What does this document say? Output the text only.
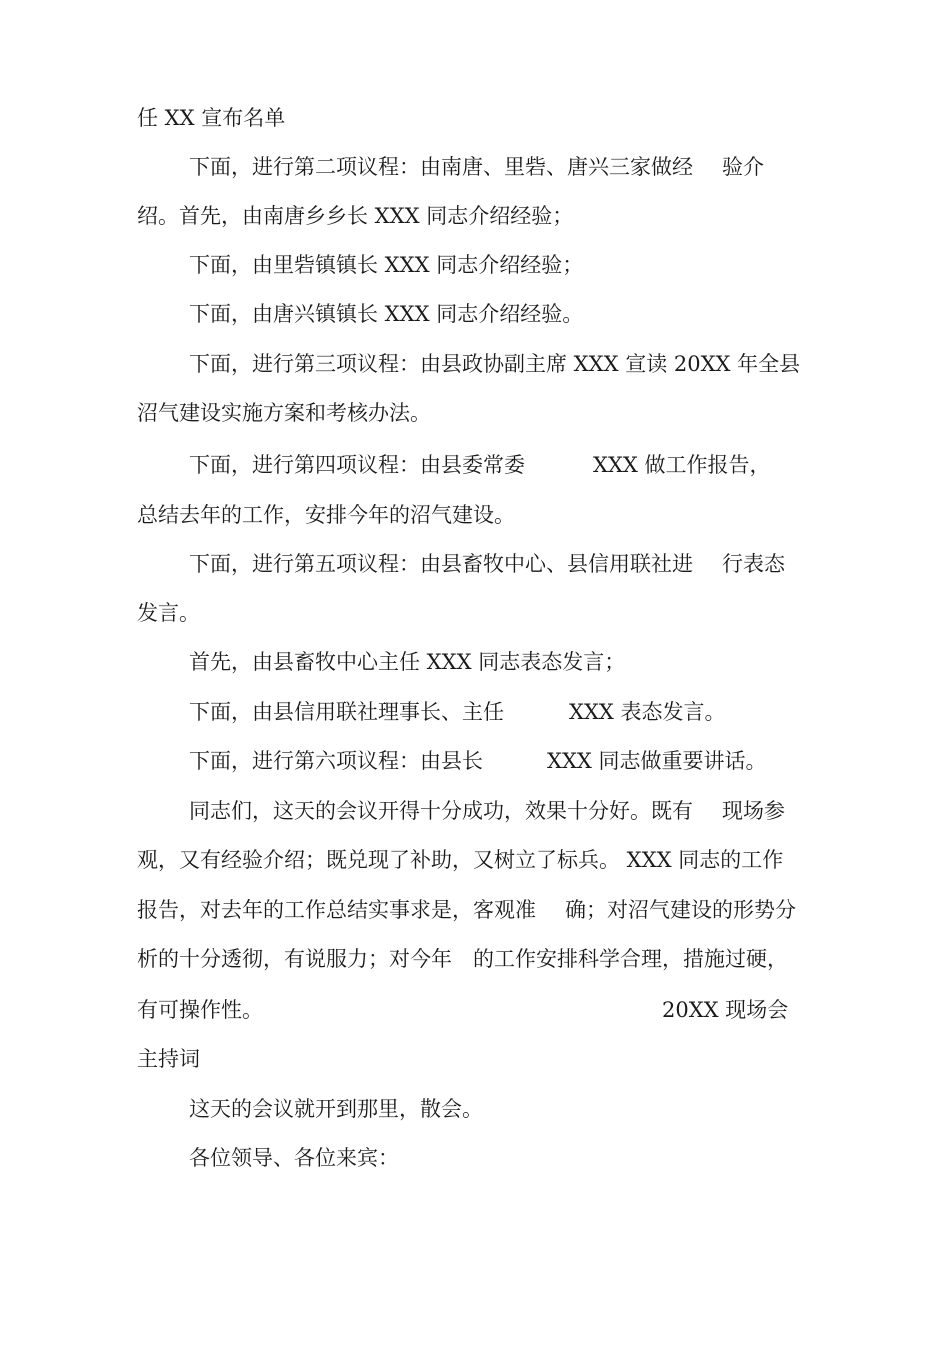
任 XX 宣布名单
下面，进行第二项议程：由南唐、里砦、唐兴三家做经 验介
绍。首先，由南唐乡乡长 XXX 同志介绍经验；
下面，由里砦镇镇长 XXX 同志介绍经验；
下面，由唐兴镇镇长 XXX 同志介绍经验。
下面，进行第三项议程：由县政协副主席 XXX 宣读 20XX 年全县
沼气建设实施方案和考核办法。
下面，进行第四项议程：由县委常委	XXX 做工作报告，
总结去年的工作，安排今年的沼气建设。
下面，进行第五项议程：由县畜牧中心、县信用联社进 行表态
发言。
首先，由县畜牧中心主任 XXX 同志表态发言；
下面，由县信用联社理事长、主任	XXX 表态发言。
下面，进行第六项议程：由县长	XXX 同志做重要讲话。
同志们，这天的会议开得十分成功，效果十分好。既有 现场参
观，又有经验介绍；既兑现了补助，又树立了标兵。 XXX 同志的工作
报告，对去年的工作总结实事求是，客观准 确；对沼气建设的形势分
析的十分透彻，有说服力；对今年 的工作安排科学合理，措施过硬，
有可操作性。	20XX 现场会
主持词
这天的会议就开到那里，散会。
各位领导、各位来宾：
